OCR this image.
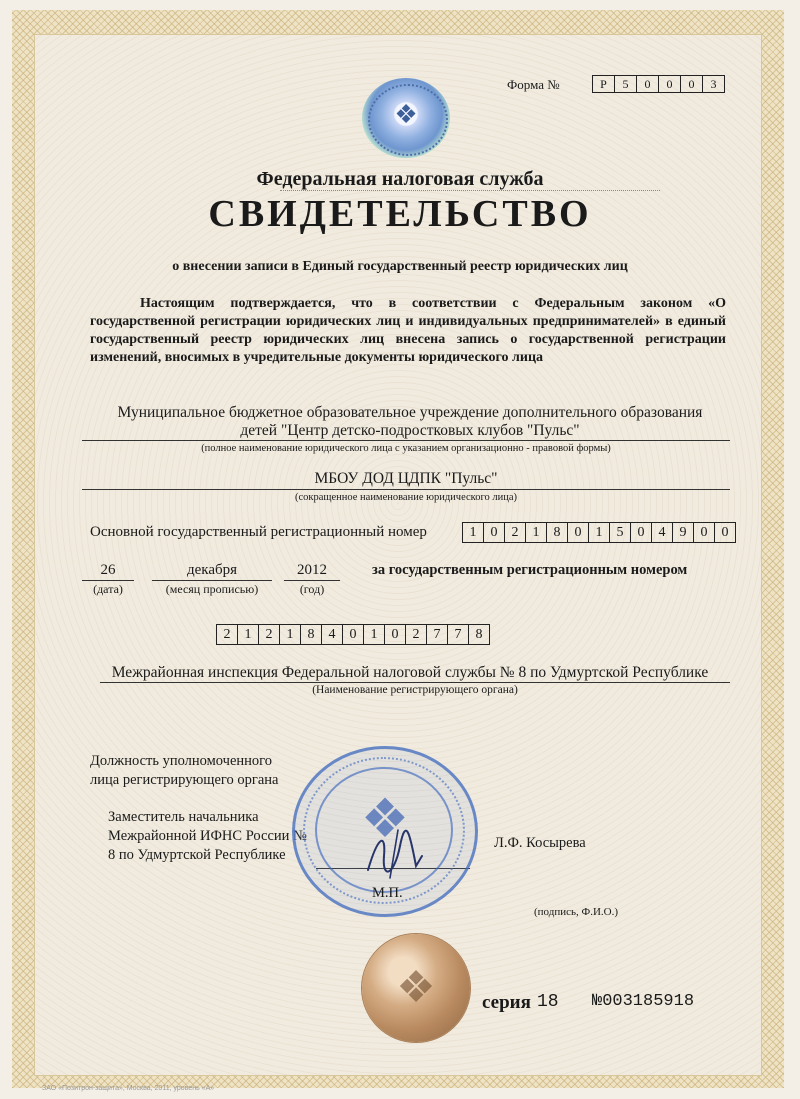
❖
Форма №	Р	5	0	0	0	3
Федеральная налоговая служба
СВИДЕТЕЛЬСТВО
о внесении записи в Единый государственный реестр юридических лиц

Настоящим подтверждается, что в соответствии с Федеральным законом «О государственной регистрации юридических лиц и индивидуальных предпринимателей» в единый государственный реестр юридических лиц внесена запись о государственной регистрации изменений, вносимых в учредительные документы юридического лица

Муниципальное бюджетное образовательное учреждение дополнительного образования
детей "Центр детско-подростковых клубов "Пульс"
(полное наименование юридического лица с указанием организационно - правовой формы)
МБОУ ДОД ЦДПК "Пульс"
(сокращенное наименование юридического лица)
Основной государственный регистрационный номер	1	0	2	1	8	0	1	5	0	4	9	0	0
26
(дата)
декабря
(месяц прописью)
2012
(год)
за государственным регистрационным номером
2	1	2	1	8	4	0	1	0	2	7	7	8
Межрайонная инспекция Федеральной налоговой службы № 8 по Удмуртской Республике
(Наименование регистрирующего органа)
Должность уполномоченного
лица регистрирующего органа
Заместитель начальника
Межрайонной ИФНС России №
8 по Удмуртской Республике
❖	Л.Ф. Косырева
М.П.
(подпись, Ф.И.О.)
❖	серия 18 №003185918
ЗАО «Позитрон-защита», Москва, 2011, уровень «А»
